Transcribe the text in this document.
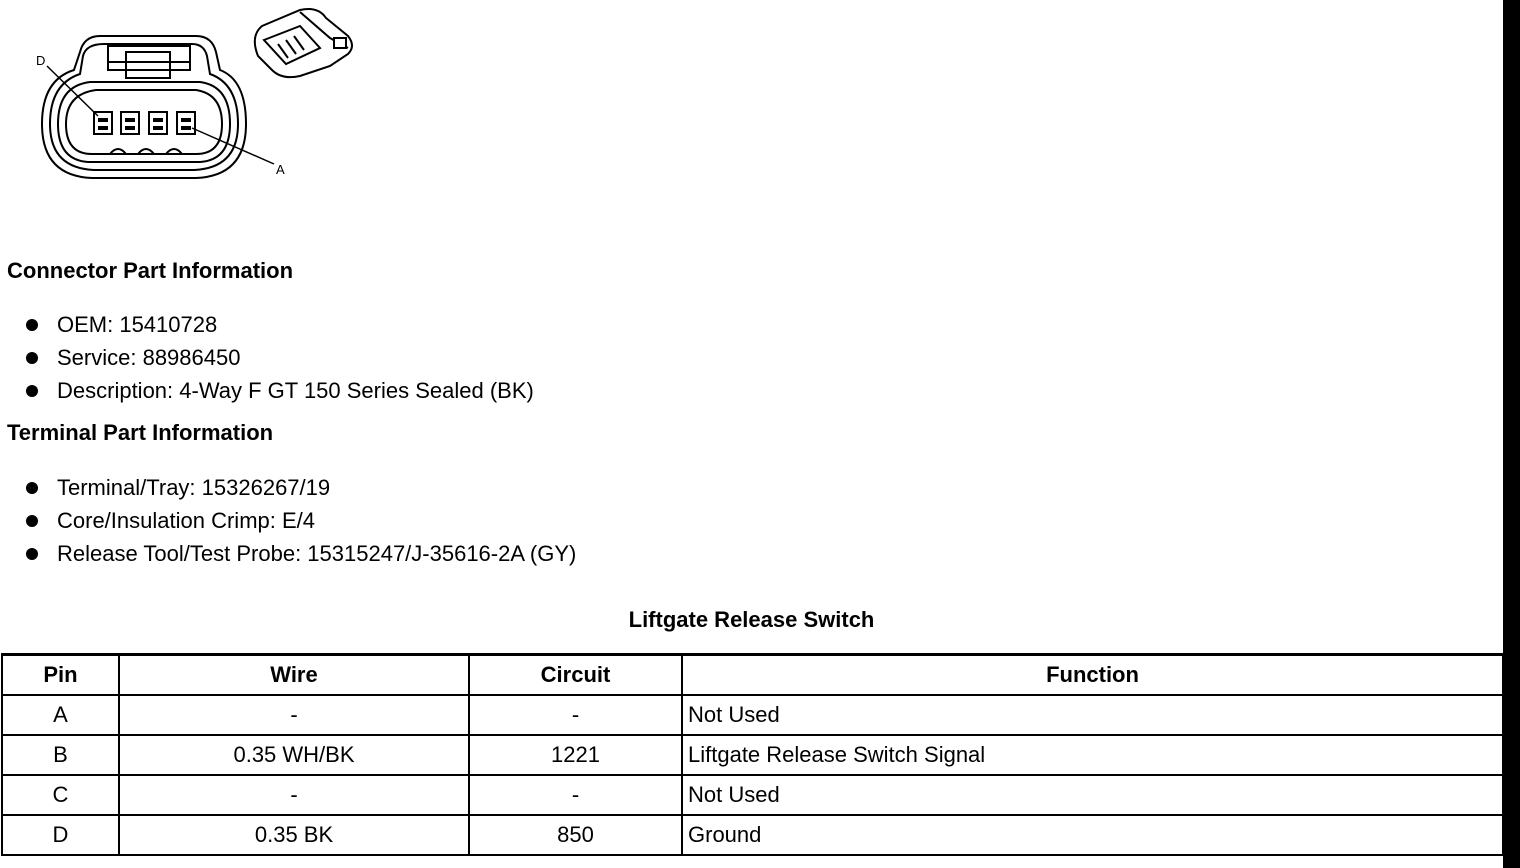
D
A
Connector Part Information
OEM: 15410728
Service: 88986450
Description: 4-Way F GT 150 Series Sealed (BK)
Terminal Part Information
Terminal/Tray: 15326267/19
Core/Insulation Crimp: E/4
Release Tool/Test Probe: 15315247/J-35616-2A (GY)
Liftgate Release Switch
Pin	Wire	Circuit	Function
A	-	-	Not Used
B	0.35 WH/BK	1221	Liftgate Release Switch Signal
C	-	-	Not Used
D	0.35 BK	850	Ground
